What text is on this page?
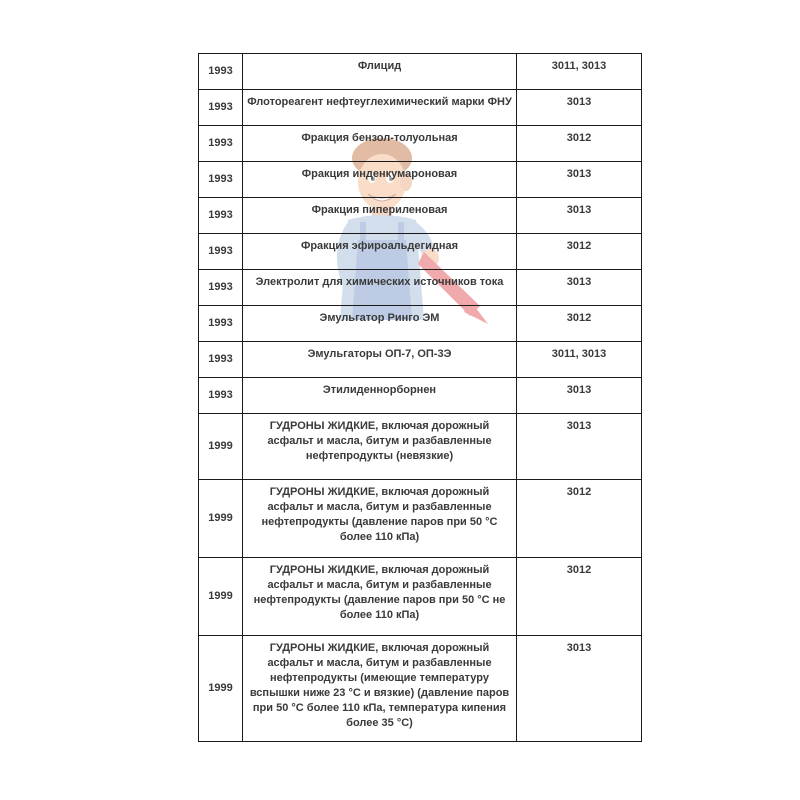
1993	Флицид	3011, 3013
1993	Флотореагент нефтеуглехимический марки ФНУ	3013
1993	Фракция бензол-толуольная	3012
1993	Фракция инденкумароновая	3013
1993	Фракция пипериленовая	3013
1993	Фракция эфироальдегидная	3012
1993	Электролит для химических источников тока	3013
1993	Эмульгатор Ринго ЭМ	3012
1993	Эмульгаторы ОП-7, ОП-3Э	3011, 3013
1993	Этилиденнорборнен	3013
1999	ГУДРОНЫ ЖИДКИЕ, включая дорожный асфальт и масла, битум и разбавленные нефтепродукты (невязкие)	3013
1999	ГУДРОНЫ ЖИДКИЕ, включая дорожный асфальт и масла, битум и разбавленные нефтепродукты (давление паров при 50 °С более 110 кПа)	3012
1999	ГУДРОНЫ ЖИДКИЕ, включая дорожный асфальт и масла, битум и разбавленные нефтепродукты (давление паров при 50 °С не более 110 кПа)	3012
1999	ГУДРОНЫ ЖИДКИЕ, включая дорожный асфальт и масла, битум и разбавленные нефтепродукты (имеющие температуру вспышки ниже 23 °С и вязкие) (давление паров при 50 °С более 110 кПа, температура кипения более 35 °С)	3013
